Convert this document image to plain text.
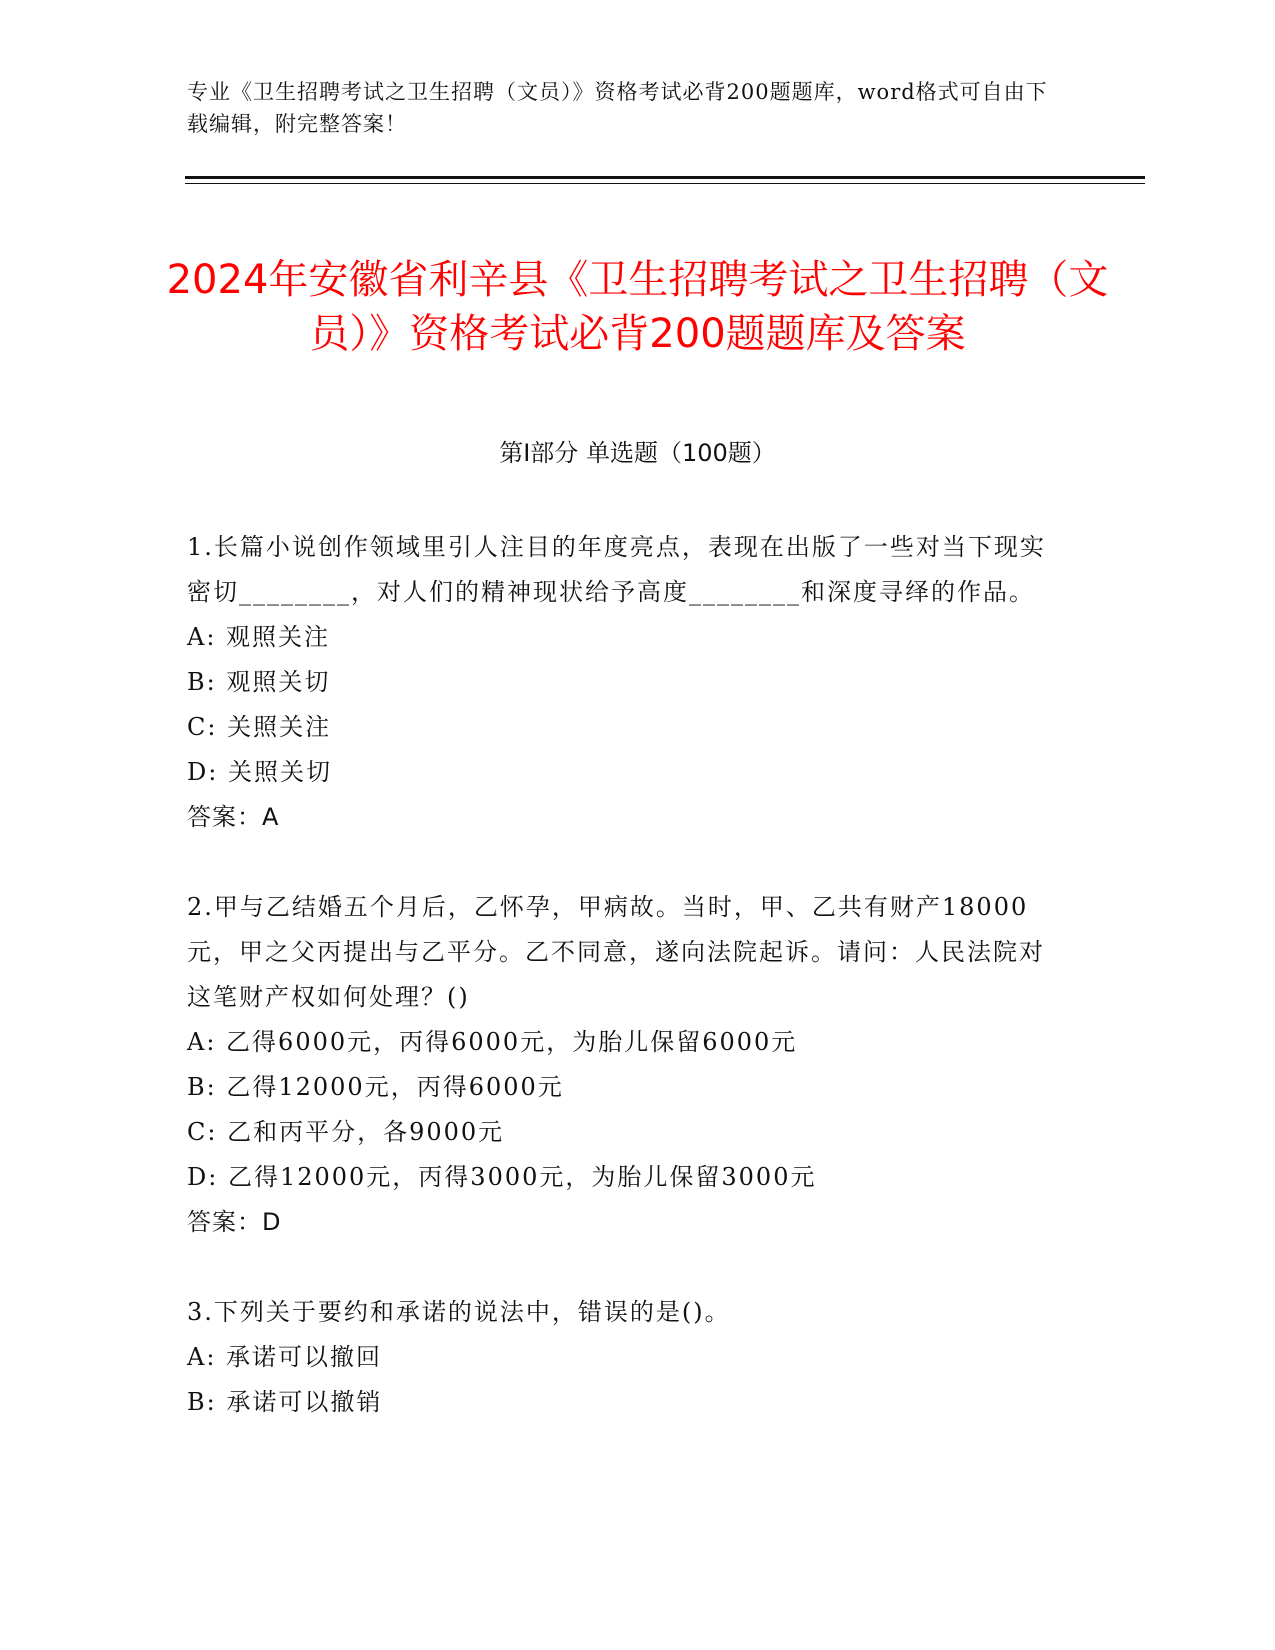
专业《卫生招聘考试之卫生招聘（文员）》资格考试必背200题题库，word格式可自由下载编辑，附完整答案！
2024年安徽省利辛县《卫生招聘考试之卫生招聘（文员）》资格考试必背200题题库及答案
第I部分 单选题（100题）
1.长篇小说创作领域里引人注目的年度亮点，表现在出版了一些对当下现实密切________，对人们的精神现状给予高度________和深度寻绎的作品。
A: 观照关注
B: 观照关切
C: 关照关注
D: 关照关切
答案：A
2.甲与乙结婚五个月后，乙怀孕，甲病故。当时，甲、乙共有财产18000元，甲之父丙提出与乙平分。乙不同意，遂向法院起诉。请问：人民法院对这笔财产权如何处理？()
A: 乙得6000元，丙得6000元，为胎儿保留6000元
B: 乙得12000元，丙得6000元
C: 乙和丙平分，各9000元
D: 乙得12000元，丙得3000元，为胎儿保留3000元
答案：D
3.下列关于要约和承诺的说法中，错误的是()。
A: 承诺可以撤回
B: 承诺可以撤销
